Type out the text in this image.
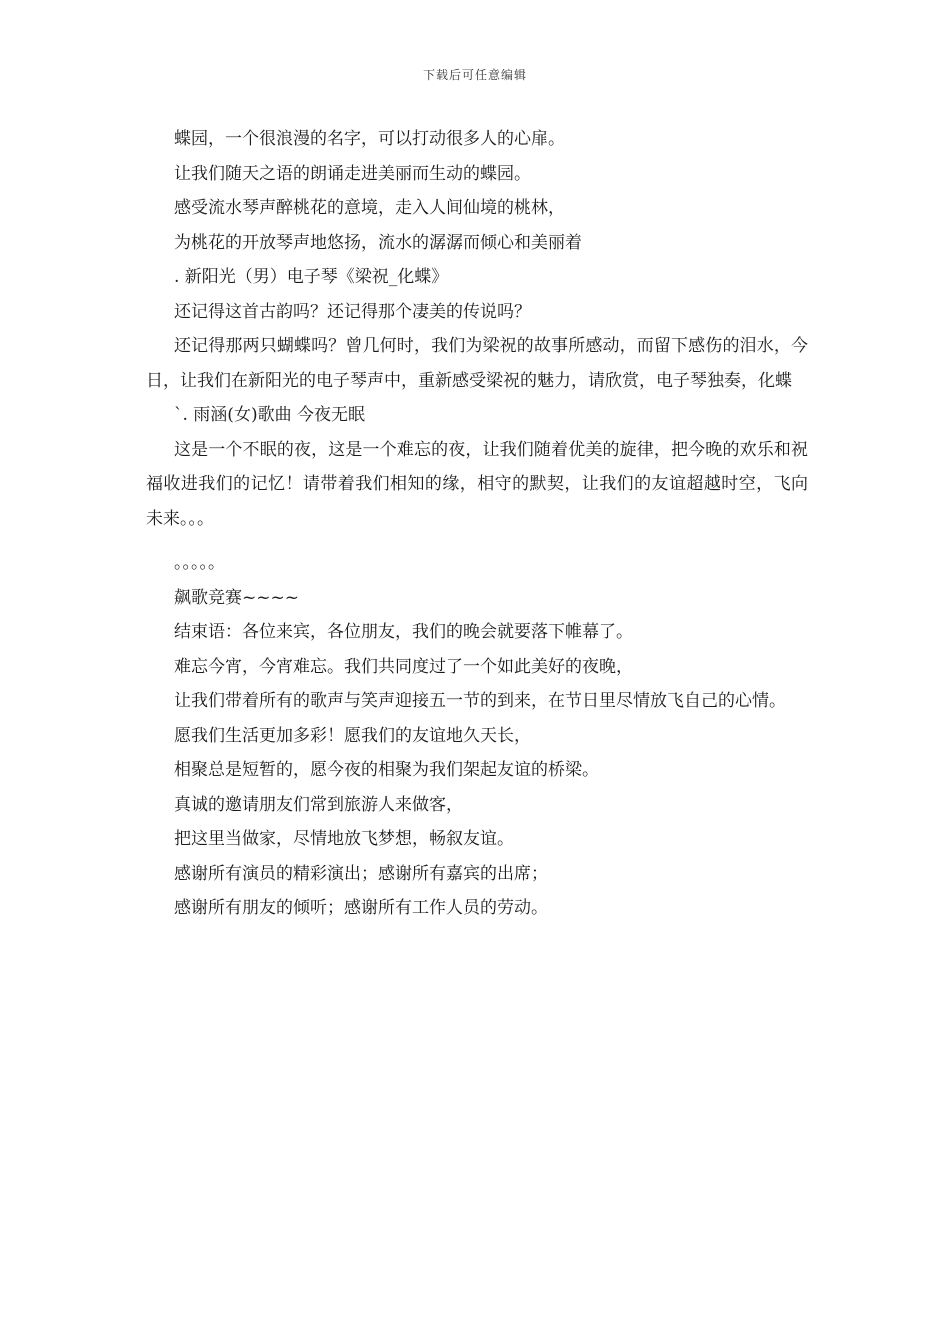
下载后可任意编辑

蝶园，一个很浪漫的名字，可以打动很多人的心扉。

让我们随天之语的朗诵走进美丽而生动的蝶园。

感受流水琴声醉桃花的意境，走入人间仙境的桃林，

为桃花的开放琴声地悠扬，流水的潺潺而倾心和美丽着

. 新阳光（男）电子琴《梁祝_化蝶》

还记得这首古韵吗？还记得那个凄美的传说吗？

还记得那两只蝴蝶吗？曾几何时，我们为梁祝的故事所感动，而留下感伤的泪水，今日，让我们在新阳光的电子琴声中，重新感受梁祝的魅力，请欣赏，电子琴独奏，化蝶

`. 雨涵(女)歌曲 今夜无眠

这是一个不眠的夜，这是一个难忘的夜，让我们随着优美的旋律，把今晚的欢乐和祝福收进我们的记忆！请带着我们相知的缘，相守的默契，让我们的友谊超越时空，飞向未来。。。

。。。。。

飙歌竞赛~~~~

结束语：各位来宾，各位朋友，我们的晚会就要落下帷幕了。

难忘今宵，今宵难忘。我们共同度过了一个如此美好的夜晚，

让我们带着所有的歌声与笑声迎接五一节的到来，在节日里尽情放飞自己的心情。

愿我们生活更加多彩！愿我们的友谊地久天长，

相聚总是短暂的，愿今夜的相聚为我们架起友谊的桥梁。

真诚的邀请朋友们常到旅游人来做客，

把这里当做家，尽情地放飞梦想，畅叙友谊。

感谢所有演员的精彩演出；感谢所有嘉宾的出席；

感谢所有朋友的倾听；感谢所有工作人员的劳动。
